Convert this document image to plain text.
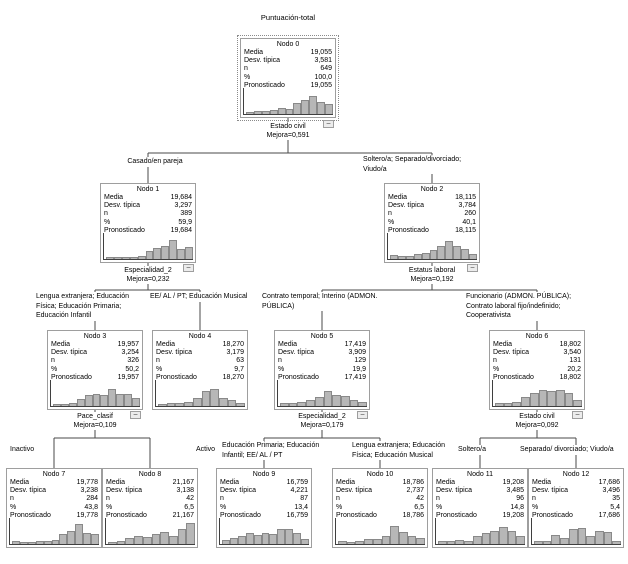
Puntuación-total
Nodo 0
Media	19,055
Desv. típica	3,581
n	649
%	100,0
Pronosticado	19,055
−
Estado civil
Mejora=0,591
Casado/en pareja	Soltero/a; Separado/divorciado;
Viudo/a
Nodo 1
Media	19,684
Desv. típica	3,297
n	389
%	59,9
Pronosticado	19,684
−
Nodo 2
Media	18,115
Desv. típica	3,784
n	260
%	40,1
Pronosticado	18,115
−
Especialidad_2
Mejora=0,232
Estatus laboral
Mejora=0,192
Lengua extranjera; Educación
Física; Educación Primaria;
Educación Infantil
EE/ AL / PT; Educación Musical Contrato temporal; Interino (ADMON.
PÚBLICA)
Funcionario (ADMON. PÚBLICA);
Contrato laboral fijo/indefinido;
Cooperativista
Nodo 3
Media	19,957
Desv. típica	3,254
n	326
%	50,2
Pronosticado	19,957
−
Nodo 4
Media	18,270
Desv. típica	3,179
n	63
%	9,7
Pronosticado	18,270
Nodo 5
Media	17,419
Desv. típica	3,909
n	129
%	19,9
Pronosticado	17,419
−
Nodo 6
Media	18,802
Desv. típica	3,540
n	131
%	20,2
Pronosticado	18,802
−
Pace_clasif
Mejora=0,109
Especialidad_2
Mejora=0,179
Estado civil
Mejora=0,092
Inactivo	Activo
Educación Primaria; Educación
Infantil; EE/ AL / PT
Lengua extranjera; Educación
Física; Educación Musical
Soltero/a	Separado/ divorciado; Viudo/a
Nodo 7
Media	19,778
Desv. típica	3,238
n	284
%	43,8
Pronosticado	19,778
Nodo 8
Media	21,167
Desv. típica	3,138
n	42
%	6,5
Pronosticado	21,167
Nodo 9
Media	16,759
Desv. típica	4,221
n	87
%	13,4
Pronosticado	16,759
Nodo 10
Media	18,786
Desv. típica	2,737
n	42
%	6,5
Pronosticado	18,786
Nodo 11
Media	19,208
Desv. típica	3,485
n	96
%	14,8
Pronosticado	19,208
Nodo 12
Media	17,686
Desv. típica	3,496
n	35
%	5,4
Pronosticado	17,686
